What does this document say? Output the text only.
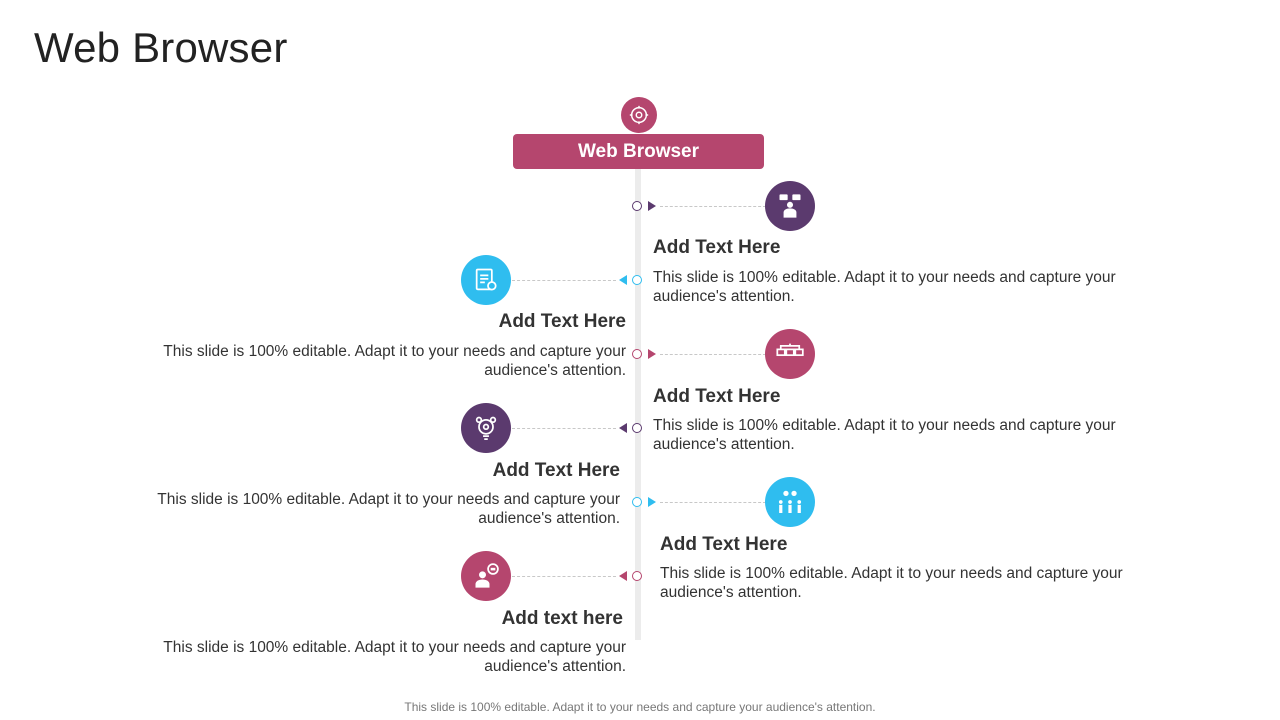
Web Browser
Web Browser
Add Text Here
This slide is 100% editable. Adapt it to your needs and capture your audience's attention.
Add Text Here
This slide is 100% editable. Adapt it to your needs and capture your audience's attention.
Add Text Here
This slide is 100% editable. Adapt it to your needs and capture your audience's attention.
Add Text Here
This slide is 100% editable. Adapt it to your needs and capture your audience's attention.
Add Text Here
This slide is 100% editable. Adapt it to your needs and capture your audience's attention.
Add text here
This slide is 100% editable. Adapt it to your needs and capture your audience's attention.
This slide is 100% editable. Adapt it to your needs and capture your audience's attention.
